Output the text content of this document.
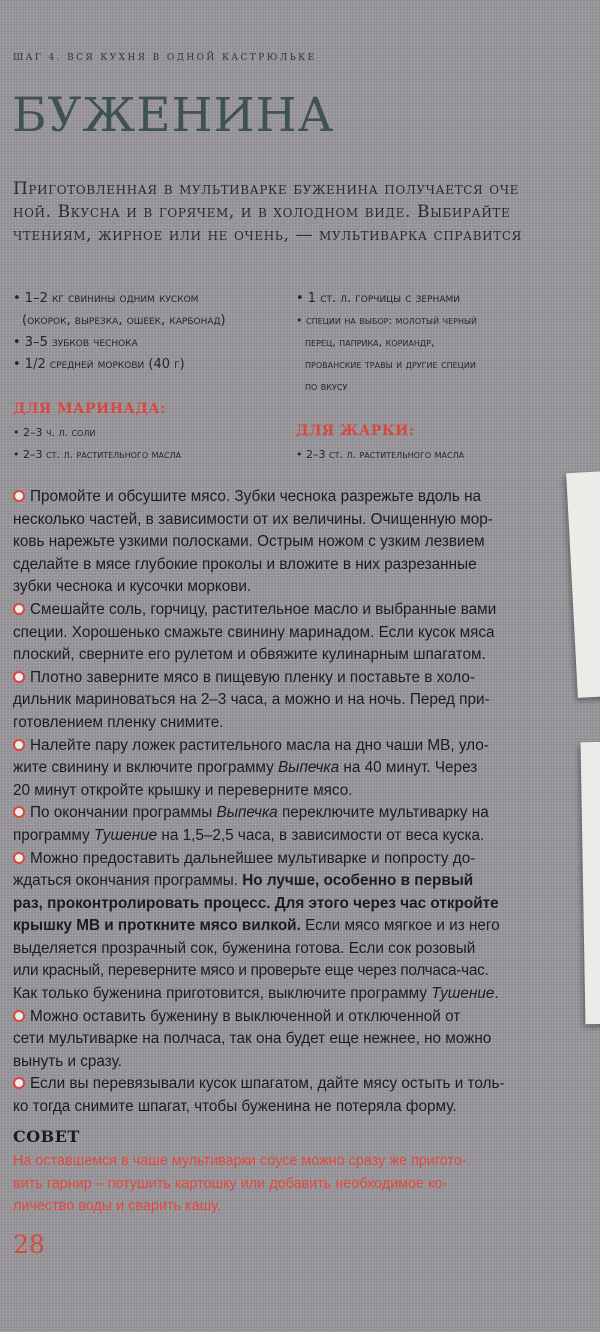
ШАГ 4. ВСЯ КУХНЯ В ОДНОЙ КАСТРЮЛЬКЕ
БУЖЕНИНА
Приготовленная в мультиварке буженина получается оче
ной. Вкусна и в горячем, и в холодном виде. Выбирайте
чтениям, жирное или не очень, — мультиварка справится
• 1–2 кг свинины одним куском
(окорок, вырезка, ошеек, карбонад)
• 3–5 зубков чеснока
• 1/2 средней моркови (40 г)
• 1 ст. л. горчицы с зернами
• специи на выбор: молотый черный
перец, паприка, кориандр,
прованские травы и другие специи
по вкусу
ДЛЯ МАРИНАДА:
• 2–3 ч. л. соли
• 2–3 ст. л. растительного масла
ДЛЯ ЖАРКИ:
• 2–3 ст. л. растительного масла
Промойте и обсушите мясо. Зубки чеснока разрежьте вдоль на
несколько частей, в зависимости от их величины. Очищенную мор-
ковь нарежьте узкими полосками. Острым ножом с узким лезвием
сделайте в мясе глубокие проколы и вложите в них разрезанные
зубки чеснока и кусочки моркови.
Смешайте соль, горчицу, растительное масло и выбранные вами
специи. Хорошенько смажьте свинину маринадом. Если кусок мяса
плоский, сверните его рулетом и обвяжите кулинарным шпагатом.
Плотно заверните мясо в пищевую пленку и поставьте в холо-
дильник мариноваться на 2–3 часа, а можно и на ночь. Перед при-
готовлением пленку снимите.
Налейте пару ложек растительного масла на дно чаши МВ, уло-
жите свинину и включите программу Выпечка на 40 минут. Через
20 минут откройте крышку и переверните мясо.
По окончании программы Выпечка переключите мультиварку на
программу Тушение на 1,5–2,5 часа, в зависимости от веса куска.
Можно предоставить дальнейшее мультиварке и попросту до-
ждаться окончания программы. Но лучше, особенно в первый
раз, проконтролировать процесс. Для этого через час откройте
крышку МВ и проткните мясо вилкой. Если мясо мягкое и из него
выделяется прозрачный сок, буженина готова. Если сок розовый
или красный, переверните мясо и проверьте еще через полчаса-час.
Как только буженина приготовится, выключите программу Тушение.
Можно оставить буженину в выключенной и отключенной от
сети мультиварке на полчаса, так она будет еще нежнее, но можно
вынуть и сразу.
Если вы перевязывали кусок шпагатом, дайте мясу остыть и толь-
ко тогда снимите шпагат, чтобы буженина не потеряла форму.
СОВЕТ
На оставшемся в чаше мультиварки соусе можно сразу же пригото-
вить гарнир – потушить картошку или добавить необходимое ко-
личество воды и сварить кашу.
28
